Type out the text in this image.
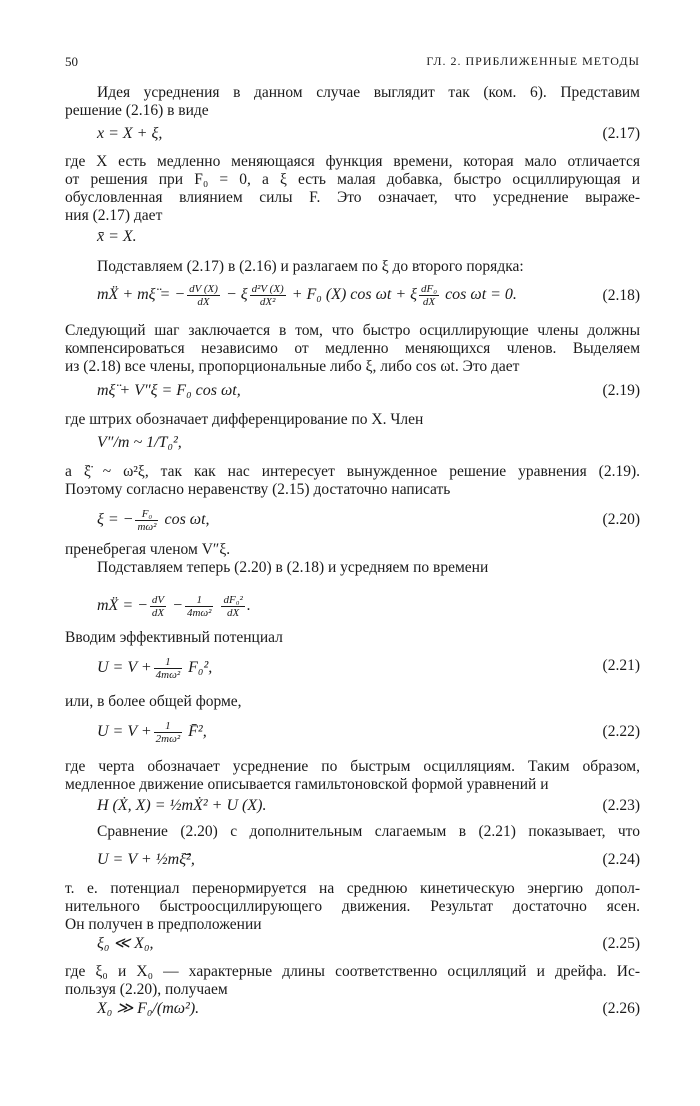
50	ГЛ. 2. ПРИБЛИЖЕННЫЕ МЕТОДЫ
Идея усреднения в данном случае выглядит так (ком. 6). Представим
решение (2.16) в виде
x = X + ξ,	(2.17)
где X есть медленно меняющаяся функция времени, которая мало отличается
от решения при F₀ = 0, а ξ есть малая добавка, быстро осциллирующая и
обусловленная влиянием силы F. Это означает, что усреднение выраже-
ния (2.17) дает
x̄ = X.
Подставляем (2.17) в (2.16) и разлагаем по ξ до второго порядка:
mẌ + mξ̈ = − $\frac{dV (X)}{dX} - \xi \frac{\text{d²V (X)}}{\text{dX²}} + F_0$ (X) cos ωt + ξ $\frac{\text{dF₀}}{dX}$ cos ωt = 0.	(2.18)
Следующий шаг заключается в том, что быстро осциллирующие члены должны
компенсироваться независимо от медленно меняющихся членов. Выделяем
из (2.18) все члены, пропорциональные либо ξ, либо cos ωt. Это дает
mξ̈ + V″ξ = F₀ cos ωt,	(2.19)
где штрих обозначает дифференцирование по X. Член
V″/m ~ 1/T₀²,
а ξ̈ ~ ω²ξ, так как нас интересует вынужденное решение уравнения (2.19).
Поэтому согласно неравенству (2.15) достаточно написать
ξ = − $\frac{\text{F₀}}{\text{mω²}}$ cos ωt,	(2.20)
пренебрегая членом V″ξ.
Подставляем теперь (2.20) в (2.18) и усредняем по времени
mẌ = − $\frac{dV}{dX} - \frac{1}{\text{4mω²}}$
$\frac{\text{dF₀²}}{dX}$ .
Вводим эффективный потенциал
$U = V + \frac{1}{\text{4mω²}} F_0^2$,	(2.21)
или, в более общей форме,
$U = V + \frac{1}{\text{2mω²}}$ F̄²,	(2.22)
где черта обозначает усреднение по быстрым осцилляциям. Таким образом,
медленное движение описывается гамильтоновской формой уравнений и
H (Ẋ, X) = ½mẊ² + U (X).	(2.23)
Сравнение (2.20) с дополнительным слагаемым в (2.21) показывает, что
U = V + ½mξ̄̇²,	(2.24)
т. е. потенциал перенормируется на среднюю кинетическую энергию допол-
нительного быстроосциллирующего движения. Результат достаточно ясен.
Он получен в предположении
ξ₀ ≪ X₀,	(2.25)
где ξ₀ и X₀ — характерные длины соответственно осцилляций и дрейфа. Ис-
пользуя (2.20), получаем
X₀ ≫ F₀/(mω²).	(2.26)
